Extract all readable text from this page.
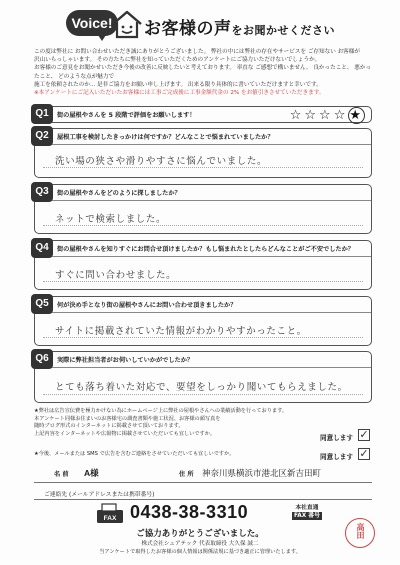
Voice!	お客様の声をお聞かせください
この度は弊社に お問い合わせいただき誠にありがとうございました。 弊社の中には弊社の存在やサービスを ご存知ない お客様が
沢山いらっしゃいます。 その方たちに弊社を知っていただくためのアンケートにご協力いただけないでしょうか。
お客様のご意見をお聞かせいただき今後の改善に反映したいと考えております。 率直な ご感想で構いません。 良かったこと、 悪かったこと、 どのような点が魅力で
施工を依頼されたのか... 是非ご協力をお願い申し上げます。 出来る限り具体的に書いていただけますと幸いです。
※本アンケートにご記入いただいたお客様には工事ご完成後に工事金額代金の 2% をお値引きさせていただきます。
Q1	街の屋根やさんを 5 段階で評価をお願いします！	☆☆☆☆★
Q2	屋根工事を検討したきっかけは何ですか？どんなことで悩まれていましたか？
洗い場の狭さや滑りやすさに悩んでいました。
Q3	街の屋根やさんをどのように探しましたか？
ネットで検索しました。
Q4	街の屋根やさんを知りすぐにお問合せ頂けましたか？もし悩まれたとしたらどんなことがご不安でしたか？
すぐに問い合わせました。
Q5	何が決め手となり街の屋根やさんにお問い合わせ頂きましたか？
サイトに掲載されていた情報がわかりやすかったこと。
Q6	実際に弊社担当者がお伺いしていかがでしたか？
とても落ち着いた対応で、要望をしっかり聞いてもらえました。
★弊社は広告宣伝費を極力かけない為にホームページ上に弊社の屋根やさんへの業績活動を行っております。
本アンケート同様お住まいのお客様宅の調査書類や施工状況、お客様の顔写真を
随時ブログ形式のインターネットに掲載させて頂いております。
上記内容をインターネットや広報物に掲載させていただいても宜しいですか。
同意します ✓
★今後、メールまたは SMS で広告を含むご連絡をさせていただいても宜しいですか。	同意します ✓
名 前 A様	住 所 神奈川県横浜市港北区新吉田町
ご連絡先 (メールアドレスまたは携帯番号)
FAX 0438-38-3310	本社直通
FAX 番号
ご協力ありがとうございました。
株式会社シェアテック 代表取締役 大久保 誠二
当アンケートで取得したお客様の個人情報は関係法規に基づき適正に管理いたします。
高田
